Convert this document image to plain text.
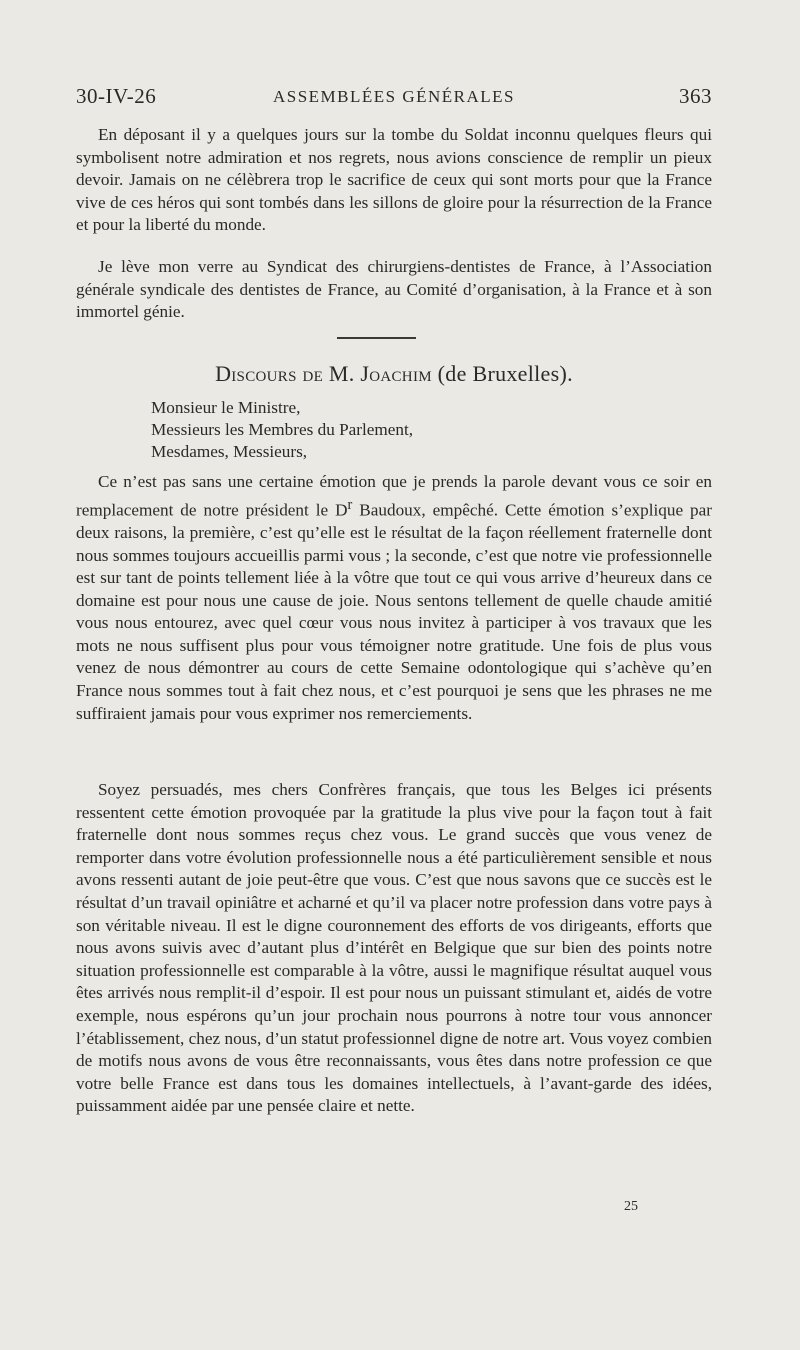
30-IV-26	ASSEMBLÉES GÉNÉRALES	363

En déposant il y a quelques jours sur la tombe du Soldat inconnu quelques fleurs qui symbolisent notre admiration et nos regrets, nous avions conscience de remplir un pieux devoir. Jamais on ne célèbrera trop le sacrifice de ceux qui sont morts pour que la France vive de ces héros qui sont tombés dans les sillons de gloire pour la résurrection de la France et pour la liberté du monde.

Je lève mon verre au Syndicat des chirurgiens-dentistes de France, à l’Association générale syndicale des dentistes de France, au Comité d’organisation, à la France et à son immortel génie.

Discours de M. Joachim (de Bruxelles).

Monsieur le Ministre,

Messieurs les Membres du Parlement,

Mesdames, Messieurs,

Ce n’est pas sans une certaine émotion que je prends la parole devant vous ce soir en remplacement de notre président le $D^r$ Baudoux, empêché. Cette émotion s’explique par deux raisons, la première, c’est qu’elle est le résultat de la façon réellement fraternelle dont nous sommes toujours accueillis parmi vous ; la seconde, c’est que notre vie professionnelle est sur tant de points tellement liée à la vôtre que tout ce qui vous arrive d’heureux dans ce domaine est pour nous une cause de joie. Nous sentons tellement de quelle chaude amitié vous nous entourez, avec quel cœur vous nous invitez à participer à vos travaux que les mots ne nous suffisent plus pour vous témoigner notre gratitude. Une fois de plus vous venez de nous démontrer au cours de cette Semaine odontologique qui s’achève qu’en France nous sommes tout à fait chez nous, et c’est pourquoi je sens que les phrases ne me suffiraient jamais pour vous exprimer nos remerciements.

Soyez persuadés, mes chers Confrères français, que tous les Belges ici présents ressentent cette émotion provoquée par la gratitude la plus vive pour la façon tout à fait fraternelle dont nous sommes reçus chez vous. Le grand succès que vous venez de remporter dans votre évolution professionnelle nous a été particulièrement sensible et nous avons ressenti autant de joie peut-être que vous. C’est que nous savons que ce succès est le résultat d’un travail opiniâtre et acharné et qu’il va placer notre profession dans votre pays à son véritable niveau. Il est le digne couronnement des efforts de vos dirigeants, efforts que nous avons suivis avec d’autant plus d’intérêt en Belgique que sur bien des points notre situation professionnelle est comparable à la vôtre, aussi le magnifique résultat auquel vous êtes arrivés nous remplit-il d’espoir. Il est pour nous un puissant stimulant et, aidés de votre exemple, nous espérons qu’un jour prochain nous pourrons à notre tour vous annoncer l’établissement, chez nous, d’un statut professionnel digne de notre art. Vous voyez combien de motifs nous avons de vous être reconnaissants, vous êtes dans notre profession ce que votre belle France est dans tous les domaines intellectuels, à l’avant-garde des idées, puissamment aidée par une pensée claire et nette.

25
